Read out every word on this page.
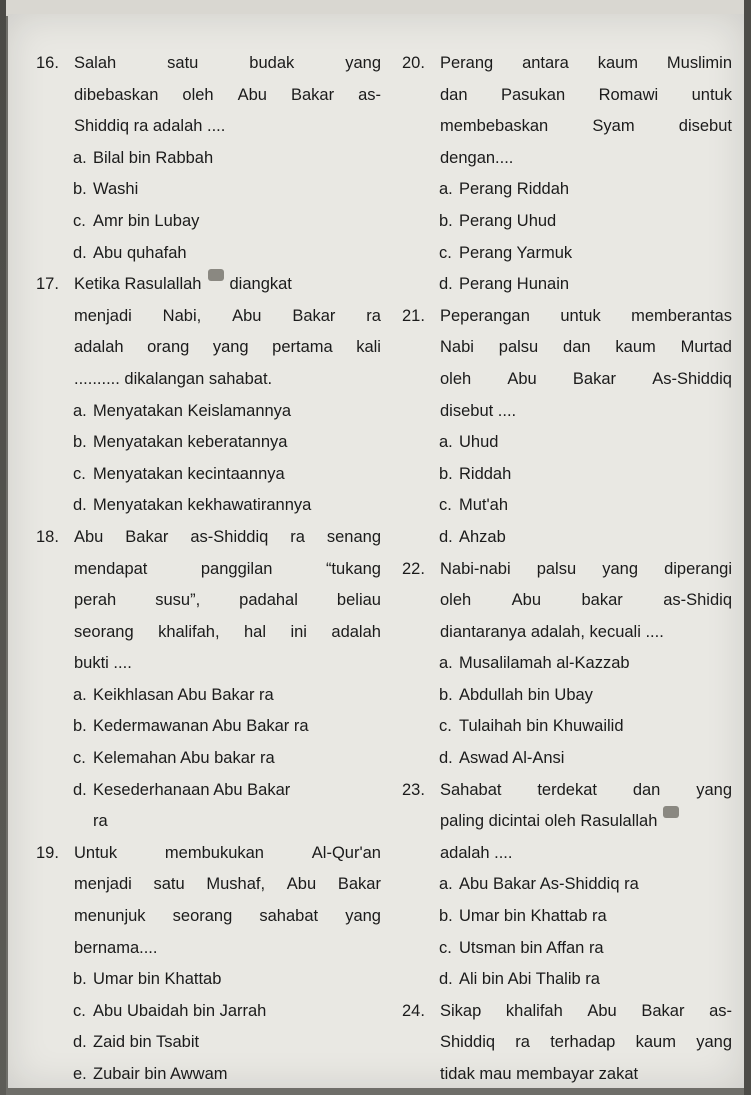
16. Salah	satu	budak	yang
dibebaskan oleh Abu Bakar as-
Shiddiq ra adalah ....
a. Bilal bin Rabbah
b. Washi
c. Amr bin Lubay
d. Abu quhafah
17. Ketika Rasulallah diangkat
menjadi Nabi, Abu Bakar ra
adalah orang yang pertama kali
.......... dikalangan sahabat.
a. Menyatakan Keislamannya
b. Menyatakan keberatannya
c. Menyatakan kecintaannya
d. Menyatakan kekhawatirannya
18. Abu Bakar as-Shiddiq ra senang
mendapat	panggilan	“tukang
perah susu”, padahal beliau
seorang khalifah, hal ini adalah
bukti ....
a. Keikhlasan Abu Bakar ra
b. Kedermawanan Abu Bakar ra
c. Kelemahan Abu bakar ra
d. Kesederhanaan Abu Bakar
ra
19. Untuk	membukukan	Al-Qur'an
menjadi satu Mushaf, Abu Bakar
menunjuk seorang sahabat yang
bernama....
b. Umar bin Khattab
c. Abu Ubaidah bin Jarrah
d. Zaid bin Tsabit
e. Zubair bin Awwam
20. Perang antara kaum Muslimin
dan Pasukan Romawi untuk
membebaskan	Syam	disebut
dengan....
a. Perang Riddah
b. Perang Uhud
c. Perang Yarmuk
d. Perang Hunain
21. Peperangan untuk memberantas
Nabi palsu dan kaum Murtad
oleh Abu Bakar As-Shiddiq
disebut ....
a. Uhud
b. Riddah
c. Mut'ah
d. Ahzab
22. Nabi-nabi palsu yang diperangi
oleh Abu bakar as-Shidiq
diantaranya adalah, kecuali ....
a. Musalilamah al-Kazzab
b. Abdullah bin Ubay
c. Tulaihah bin Khuwailid
d. Aswad Al-Ansi
23. Sahabat terdekat dan yang
paling dicintai oleh Rasulallah
adalah ....
a. Abu Bakar As-Shiddiq ra
b. Umar bin Khattab ra
c. Utsman bin Affan ra
d. Ali bin Abi Thalib ra
24. Sikap khalifah Abu Bakar as-
Shiddiq ra terhadap kaum yang
tidak mau membayar zakat
